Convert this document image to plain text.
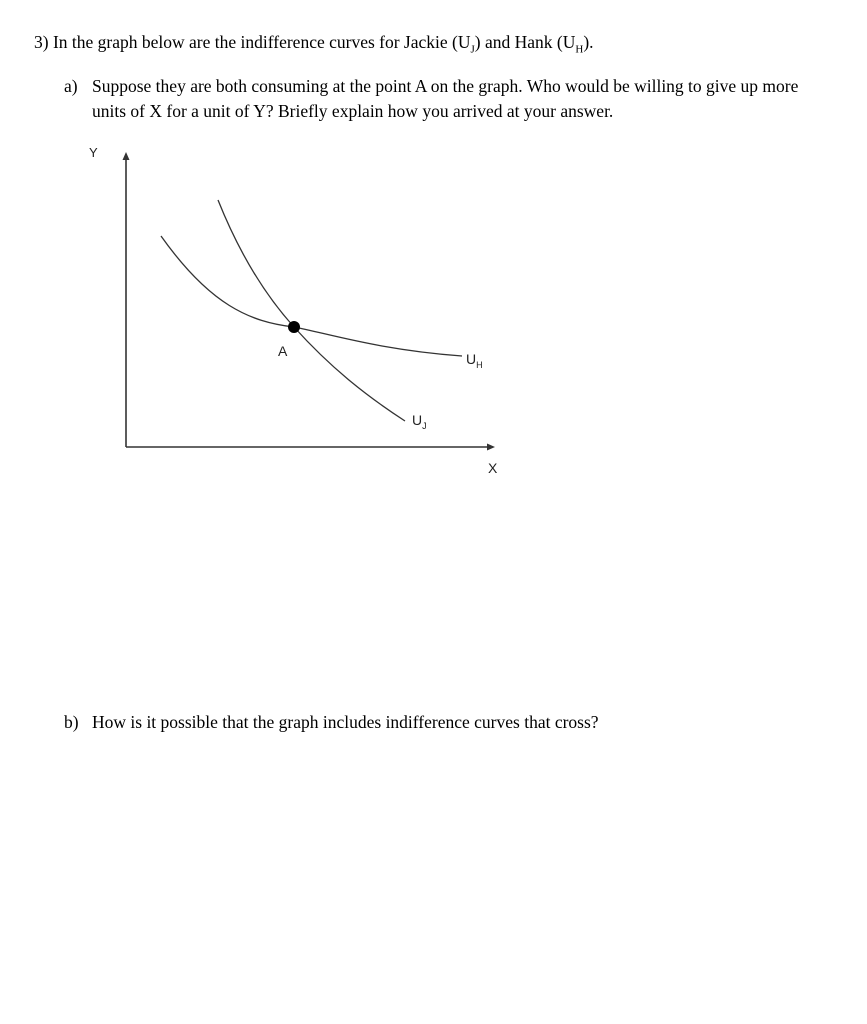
3) In the graph below are the indifference curves for Jackie $(U_J)$ and Hank $(U_H)$.
a) Suppose they are both consuming at the point A on the graph. Who would be willing to give up more units of X for a unit of Y? Briefly explain how you arrived at your answer.
Y
X
A	$U_H$
$U_J$
b) How is it possible that the graph includes indifference curves that cross?
